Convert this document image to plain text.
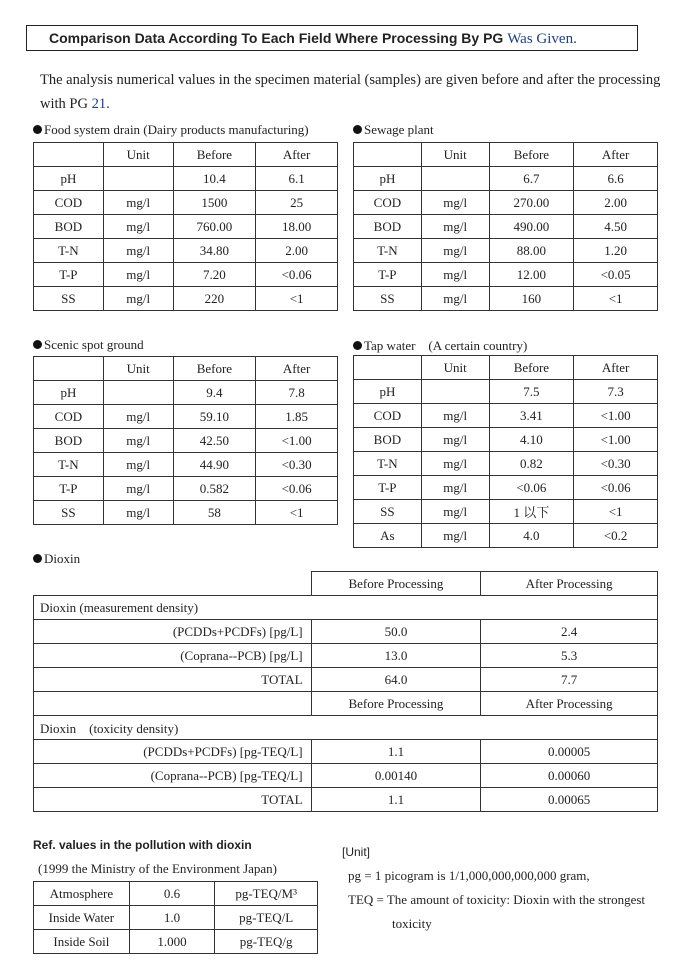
Comparison Data According To Each Field Where Processing By PG Was Given.
The analysis numerical values in the specimen material (samples) are given before and after the processing with PG 21.
Food system drain (Dairy products manufacturing)
	Unit	Before	After
pH		10.4	6.1
COD	mg/l	1500	25
BOD	mg/l	760.00	18.00
T-N	mg/l	34.80	2.00
T-P	mg/l	7.20	<0.06
SS	mg/l	220	<1
Sewage plant
	Unit	Before	After
pH		6.7	6.6
COD	mg/l	270.00	2.00
BOD	mg/l	490.00	4.50
T-N	mg/l	88.00	1.20
T-P	mg/l	12.00	<0.05
SS	mg/l	160	<1
Scenic spot ground
	Unit	Before	After
pH		9.4	7.8
COD	mg/l	59.10	1.85
BOD	mg/l	42.50	<1.00
T-N	mg/l	44.90	<0.30
T-P	mg/l	0.582	<0.06
SS	mg/l	58	<1
Tap water　(A certain country)
	Unit	Before	After
pH		7.5	7.3
COD	mg/l	3.41	<1.00
BOD	mg/l	4.10	<1.00
T-N	mg/l	0.82	<0.30
T-P	mg/l	<0.06	<0.06
SS	mg/l	1 以下	<1
As	mg/l	4.0	<0.2
Dioxin
	Before Processing	After Processing
Dioxin (measurement density)		
(PCDDs+PCDFs) [pg/L]	50.0	2.4
(Coprana--PCB) [pg/L]	13.0	5.3
TOTAL	64.0	7.7
	Before Processing	After Processing
Dioxin　(toxicity density)		
(PCDDs+PCDFs) [pg-TEQ/L]	1.1	0.00005
(Coprana--PCB) [pg-TEQ/L]	0.00140	0.00060
TOTAL	1.1	0.00065
Ref. values in the pollution with dioxin
(1999 the Ministry of the Environment Japan)
Atmosphere	0.6	pg-TEQ/M³
Inside Water	1.0	pg-TEQ/L
Inside Soil	1.000	pg-TEQ/g
[Unit]
pg = 1 picogram is 1/1,000,000,000,000 gram,
TEQ = The amount of toxicity: Dioxin with the strongest
toxicity
